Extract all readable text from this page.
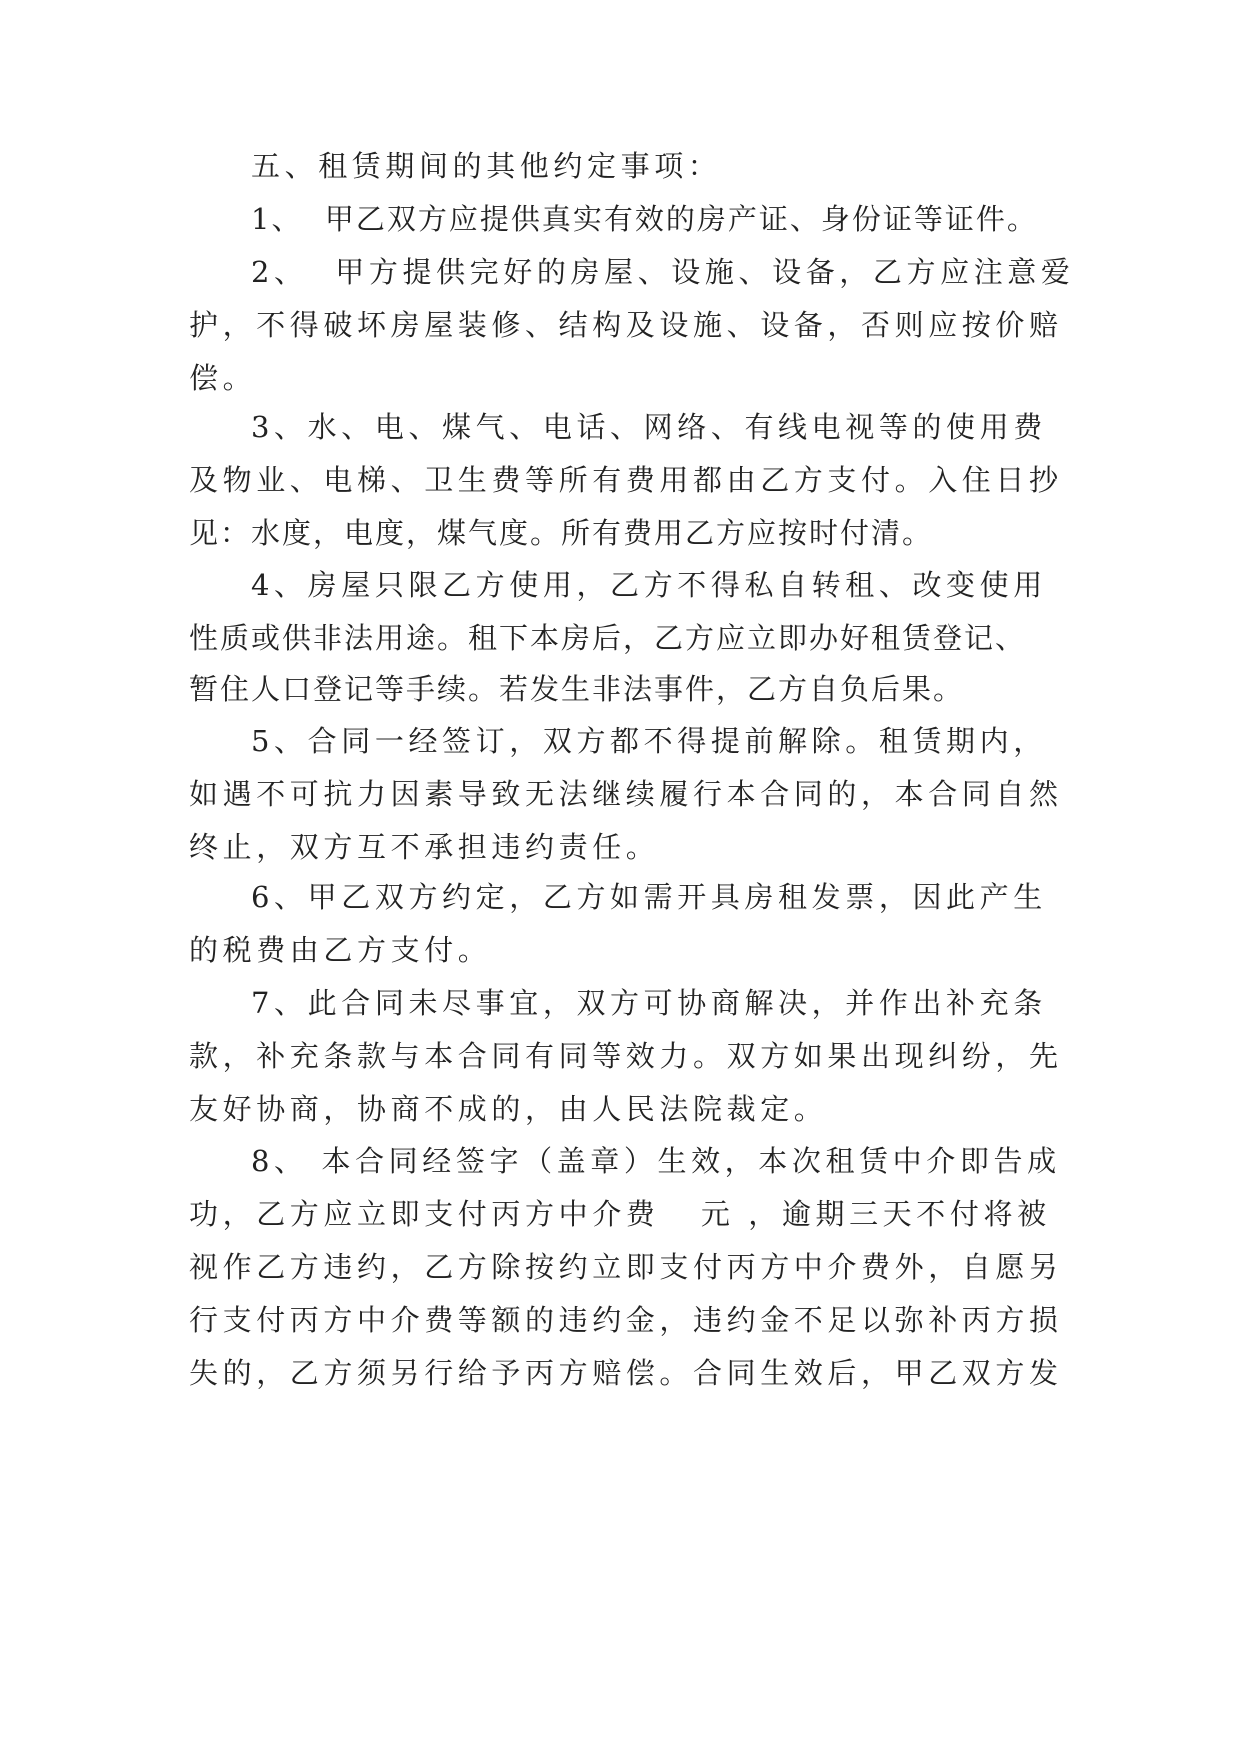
五、租赁期间的其他约定事项：

1、  甲乙双方应提供真实有效的房产证、身份证等证件。

2、  甲方提供完好的房屋、设施、设备，乙方应注意爱

护，不得破坏房屋装修、结构及设施、设备，否则应按价赔

偿。

3、水、电、煤气、电话、网络、有线电视等的使用费

及物业、电梯、卫生费等所有费用都由乙方支付。入住日抄

见：水度，电度，煤气度。所有费用乙方应按时付清。

4、房屋只限乙方使用，乙方不得私自转租、改变使用

性质或供非法用途。租下本房后，乙方应立即办好租赁登记、

暂住人口登记等手续。若发生非法事件，乙方自负后果。

5、合同一经签订，双方都不得提前解除。租赁期内，

如遇不可抗力因素导致无法继续履行本合同的，本合同自然

终止，双方互不承担违约责任。

6、甲乙双方约定，乙方如需开具房租发票，因此产生

的税费由乙方支付。

7、此合同未尽事宜，双方可协商解决，并作出补充条

款，补充条款与本合同有同等效力。双方如果出现纠纷，先

友好协商，协商不成的，由人民法院裁定。

8、 本合同经签字（盖章）生效，本次租赁中介即告成

功，乙方应立即支付丙方中介费   元 ，逾期三天不付将被

视作乙方违约，乙方除按约立即支付丙方中介费外，自愿另

行支付丙方中介费等额的违约金，违约金不足以弥补丙方损

失的，乙方须另行给予丙方赔偿。合同生效后，甲乙双方发
